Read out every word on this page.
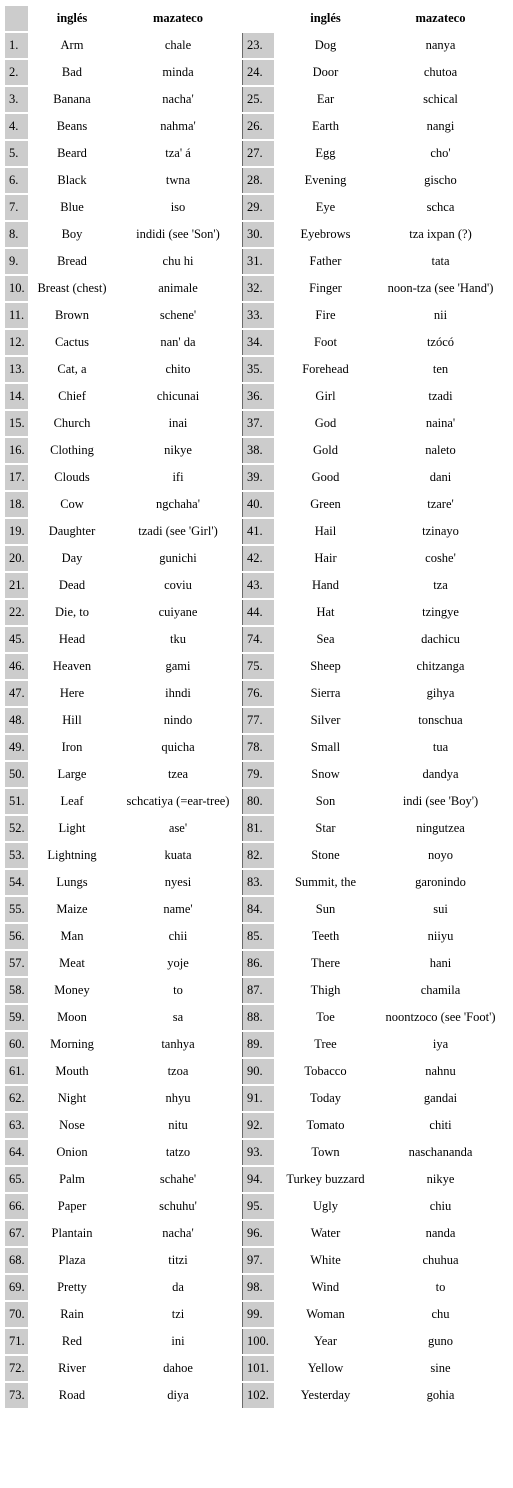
	inglés	mazateco		inglés	mazateco
1.	Arm	chale	23.	Dog	nanya
2.	Bad	minda	24.	Door	chutoa
3.	Banana	nacha'	25.	Ear	schical
4.	Beans	nahma'	26.	Earth	nangi
5.	Beard	tza' á	27.	Egg	cho'
6.	Black	twna	28.	Evening	gischo
7.	Blue	iso	29.	Eye	schca
8.	Boy	indidi (see 'Son')	30.	Eyebrows	tza ixpan (?)
9.	Bread	chu hi	31.	Father	tata
10.	Breast (chest)	animale	32.	Finger	noon-tza (see 'Hand')
11.	Brown	schene'	33.	Fire	nii
12.	Cactus	nan' da	34.	Foot	tzócó
13.	Cat, a	chito	35.	Forehead	ten
14.	Chief	chicunai	36.	Girl	tzadi
15.	Church	inai	37.	God	naina'
16.	Clothing	nikye	38.	Gold	naleto
17.	Clouds	ifi	39.	Good	dani
18.	Cow	ngchaha'	40.	Green	tzare'
19.	Daughter	tzadi (see 'Girl')	41.	Hail	tzinayo
20.	Day	gunichi	42.	Hair	coshe'
21.	Dead	coviu	43.	Hand	tza
22.	Die, to	cuiyane	44.	Hat	tzingye
45.	Head	tku	74.	Sea	dachicu
46.	Heaven	gami	75.	Sheep	chitzanga
47.	Here	ihndi	76.	Sierra	gihya
48.	Hill	nindo	77.	Silver	tonschua
49.	Iron	quicha	78.	Small	tua
50.	Large	tzea	79.	Snow	dandya
51.	Leaf	schcatiya (=ear-tree)	80.	Son	indi (see 'Boy')
52.	Light	ase'	81.	Star	ningutzea
53.	Lightning	kuata	82.	Stone	noyo
54.	Lungs	nyesi	83.	Summit, the	garonindo
55.	Maize	name'	84.	Sun	sui
56.	Man	chii	85.	Teeth	niiyu
57.	Meat	yoje	86.	There	hani
58.	Money	to	87.	Thigh	chamila
59.	Moon	sa	88.	Toe	noontzoco (see 'Foot')
60.	Morning	tanhya	89.	Tree	iya
61.	Mouth	tzoa	90.	Tobacco	nahnu
62.	Night	nhyu	91.	Today	gandai
63.	Nose	nitu	92.	Tomato	chiti
64.	Onion	tatzo	93.	Town	naschananda
65.	Palm	schahe'	94.	Turkey buzzard	nikye
66.	Paper	schuhu'	95.	Ugly	chiu
67.	Plantain	nacha'	96.	Water	nanda
68.	Plaza	titzi	97.	White	chuhua
69.	Pretty	da	98.	Wind	to
70.	Rain	tzi	99.	Woman	chu
71.	Red	ini	100.	Year	guno
72.	River	dahoe	101.	Yellow	sine
73.	Road	diya	102.	Yesterday	gohia
